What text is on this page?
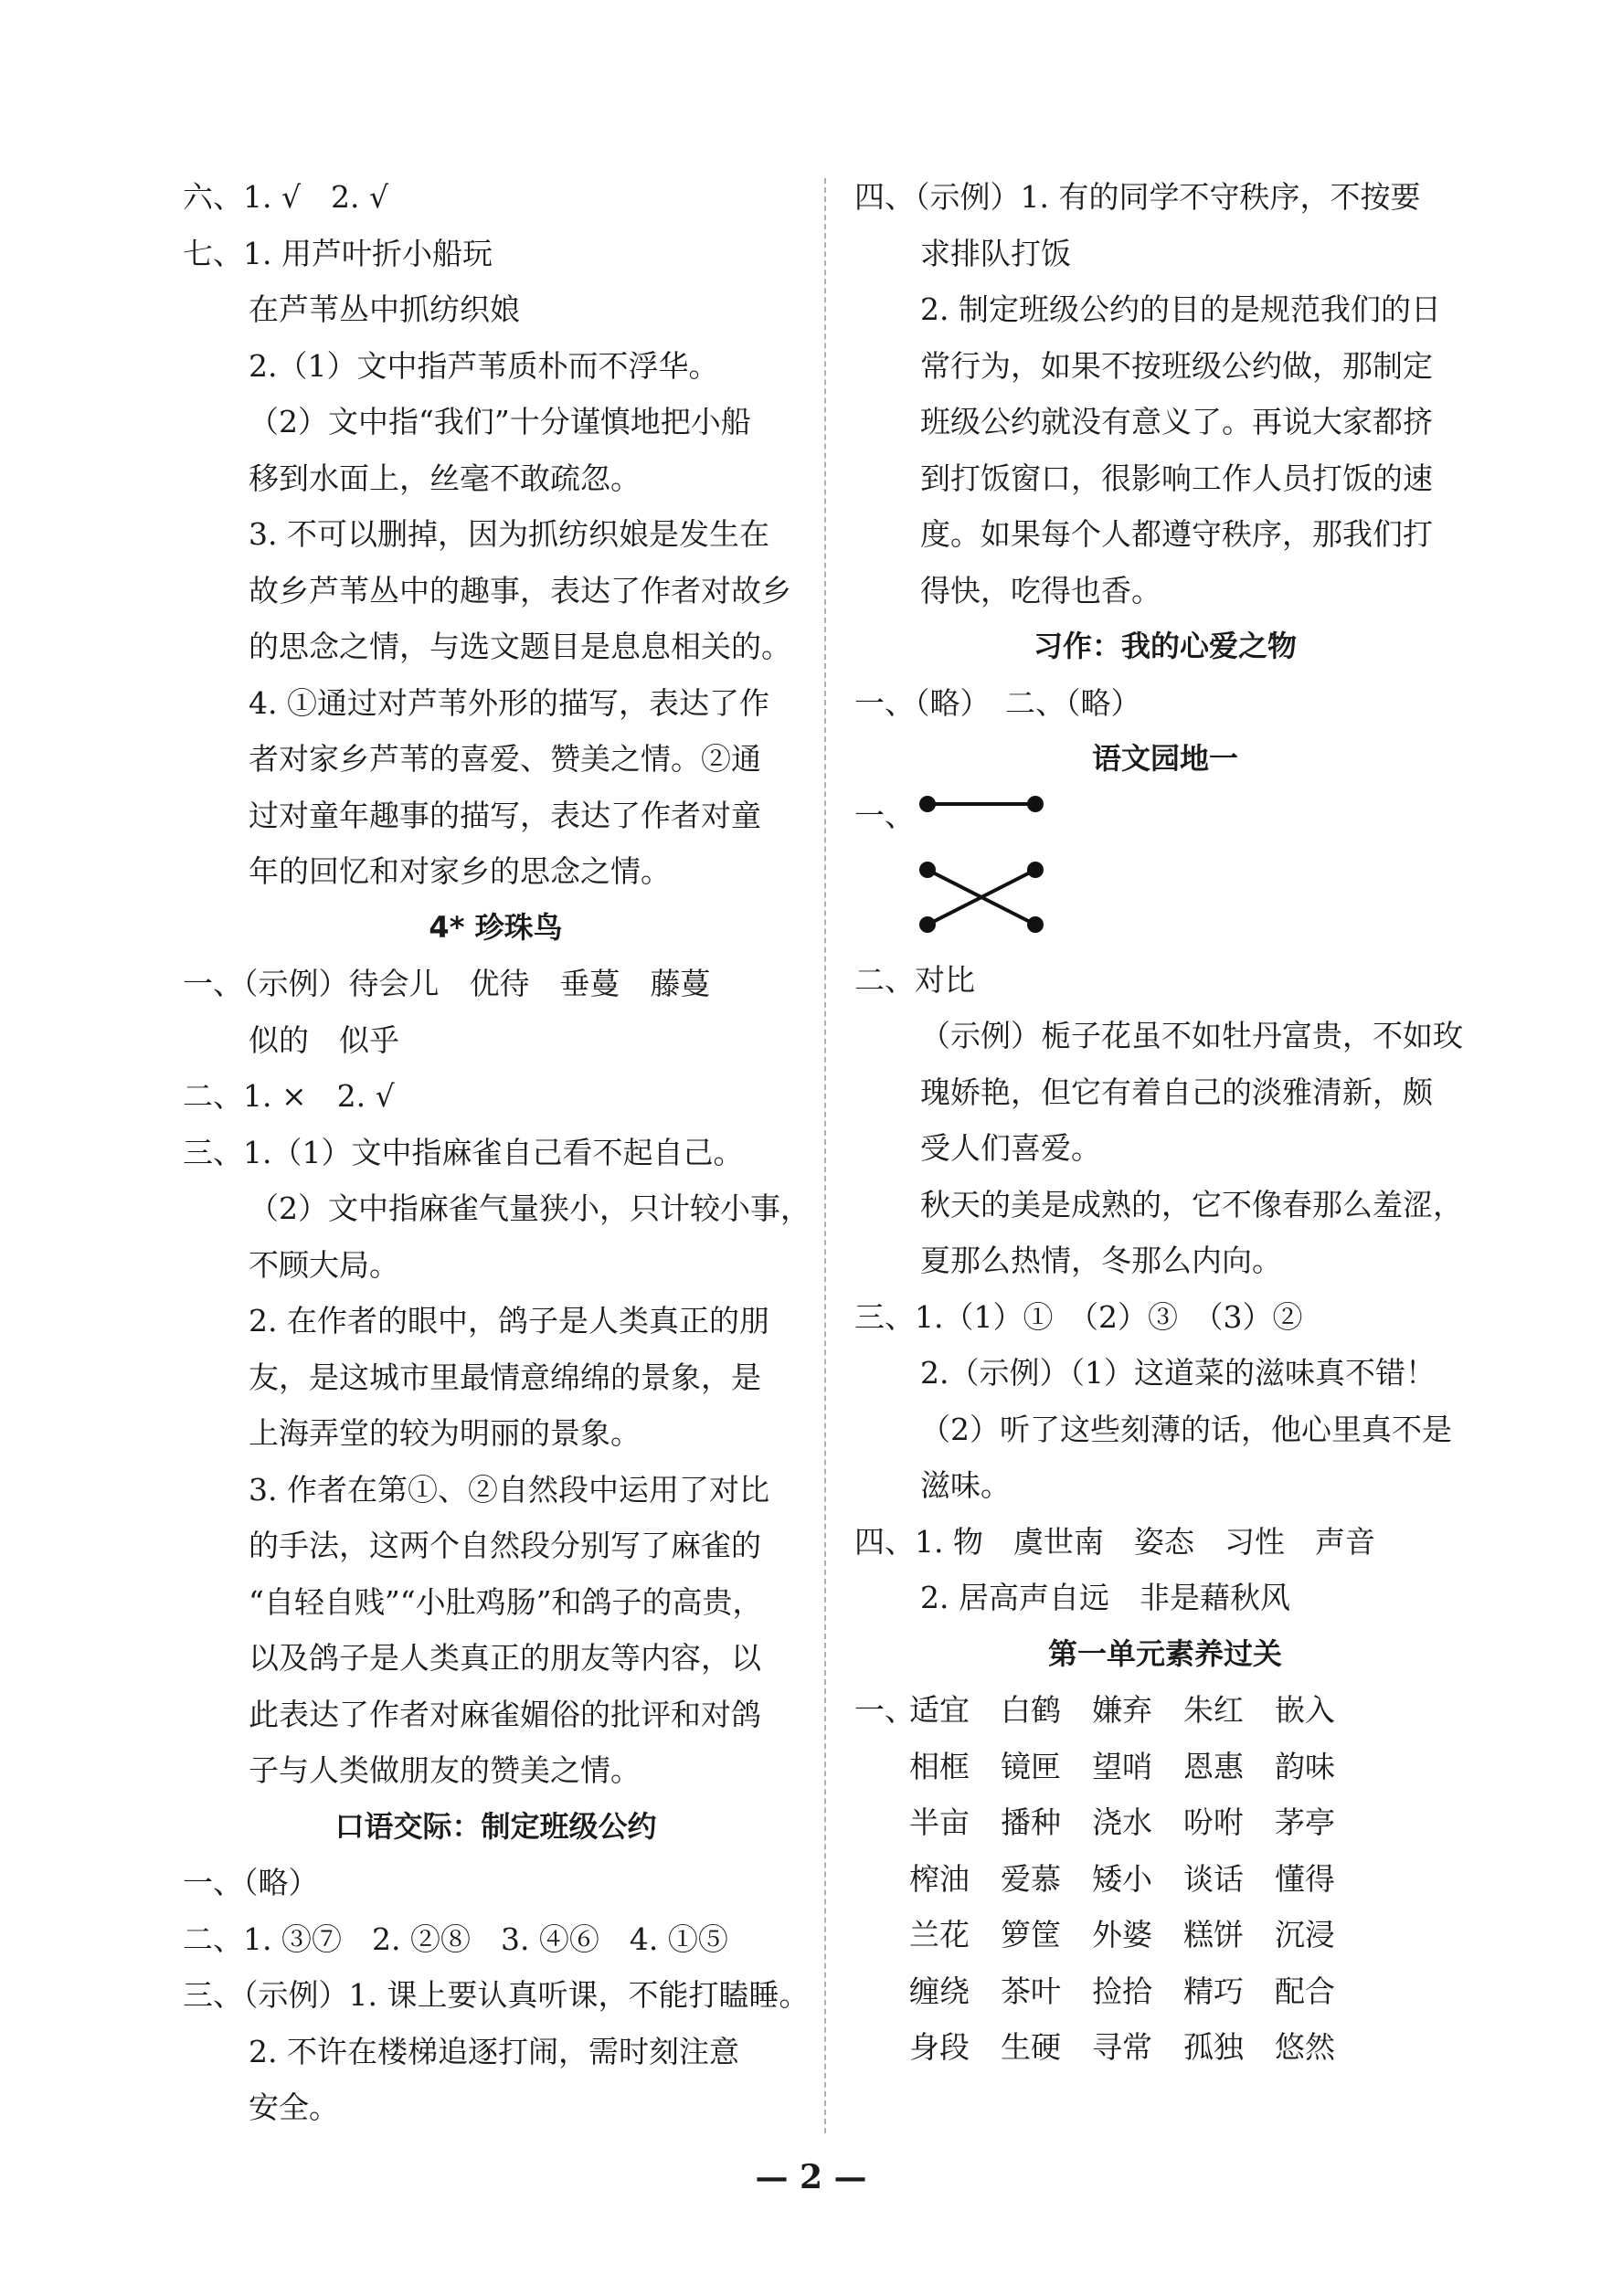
六、1. √　2. √
七、1. 用芦叶折小船玩
在芦苇丛中抓纺织娘
2.（1）文中指芦苇质朴而不浮华。
（2）文中指“我们”十分谨慎地把小船
移到水面上，丝毫不敢疏忽。
3. 不可以删掉，因为抓纺织娘是发生在
故乡芦苇丛中的趣事，表达了作者对故乡
的思念之情，与选文题目是息息相关的。
4. ①通过对芦苇外形的描写，表达了作
者对家乡芦苇的喜爱、赞美之情。②通
过对童年趣事的描写，表达了作者对童
年的回忆和对家乡的思念之情。
4* 珍珠鸟
一、（示例）待会儿　优待　垂蔓　藤蔓
似的　似乎
二、1. ×　2. √
三、1.（1）文中指麻雀自己看不起自己。
（2）文中指麻雀气量狭小，只计较小事，
不顾大局。
2. 在作者的眼中，鸽子是人类真正的朋
友，是这城市里最情意绵绵的景象，是
上海弄堂的较为明丽的景象。
3. 作者在第①、②自然段中运用了对比
的手法，这两个自然段分别写了麻雀的
“自轻自贱”“小肚鸡肠”和鸽子的高贵，
以及鸽子是人类真正的朋友等内容，以
此表达了作者对麻雀媚俗的批评和对鸽
子与人类做朋友的赞美之情。
口语交际：制定班级公约
一、（略）
二、1. ③⑦　2. ②⑧　3. ④⑥　4. ①⑤
三、（示例）1. 课上要认真听课，不能打瞌睡。
2. 不许在楼梯追逐打闹，需时刻注意
安全。
四、（示例）1. 有的同学不守秩序，不按要
求排队打饭
2. 制定班级公约的目的是规范我们的日
常行为，如果不按班级公约做，那制定
班级公约就没有意义了。再说大家都挤
到打饭窗口，很影响工作人员打饭的速
度。如果每个人都遵守秩序，那我们打
得快，吃得也香。
习作：我的心爱之物
一、（略）　二、（略）
语文园地一
一、
二、对比
（示例）栀子花虽不如牡丹富贵，不如玫
瑰娇艳，但它有着自己的淡雅清新，颇
受人们喜爱。
秋天的美是成熟的，它不像春那么羞涩，
夏那么热情，冬那么内向。
三、1.（1）①　（2）③　（3）②
2.（示例）（1）这道菜的滋味真不错！
（2）听了这些刻薄的话，他心里真不是
滋味。
四、1. 物　虞世南　姿态　习性　声音
2. 居高声自远　非是藉秋风
第一单元素养过关
一、适宜 白鹤 嫌弃 朱红 嵌入
相框 镜匣 望哨 恩惠 韵味
半亩 播种 浇水 吩咐 茅亭
榨油 爱慕 矮小 谈话 懂得
兰花 箩筐 外婆 糕饼 沉浸
缠绕 茶叶 捡拾 精巧 配合
身段 生硬 寻常 孤独 悠然
— 2 —
